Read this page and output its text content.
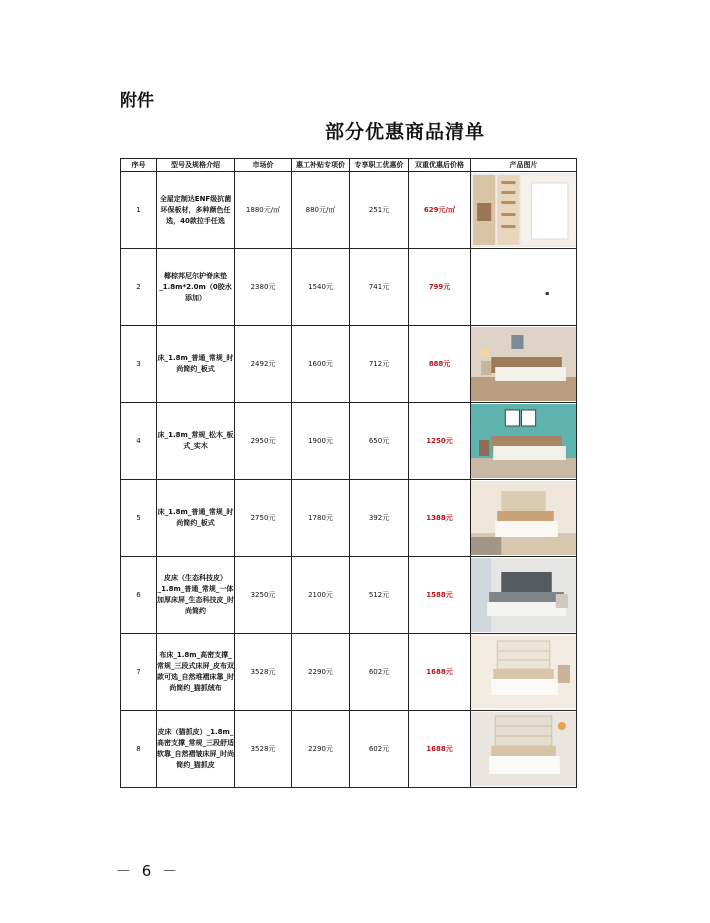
附件
部分优惠商品清单
序号	型号及规格介绍	市场价	惠工补贴专项价	专享职工优惠价	双重优惠后价格	产品图片
1	全屋定制达ENF级抗菌环保板材，多种颜色任选，40款拉手任选	1880元/㎡	880元/㎡	251元	629元/㎡	

2	椰棕邦尼尔护脊床垫_1.8m*2.0m（0胶水添加）	2380元	1540元	741元	799元	

3	床_1.8m_普通_常规_时尚简约_板式	2492元	1600元	712元	888元	

4	床_1.8m_常规_松木_板式_实木	2950元	1900元	650元	1250元	

5	床_1.8m_普通_常规_时尚简约_板式	2750元	1780元	392元	1388元	

6	皮床（生态科技皮）_1.8m_普通_常规_一体加厚床屏_生态科技皮_时尚简约	3250元	2100元	512元	1588元	

7	布床_1.8m_高密支撑_常规_三段式床屏_皮布双款可选_自然堆褶床靠_时尚简约_猫抓绒布	3528元	2290元	602元	1688元	

8	皮床（猫抓皮）_1.8m_高密支撑_常规_三段舒适软靠_自然褶皱床屏_时尚简约_猫抓皮	3528元	2290元	602元	1688元	
－ 6 －
